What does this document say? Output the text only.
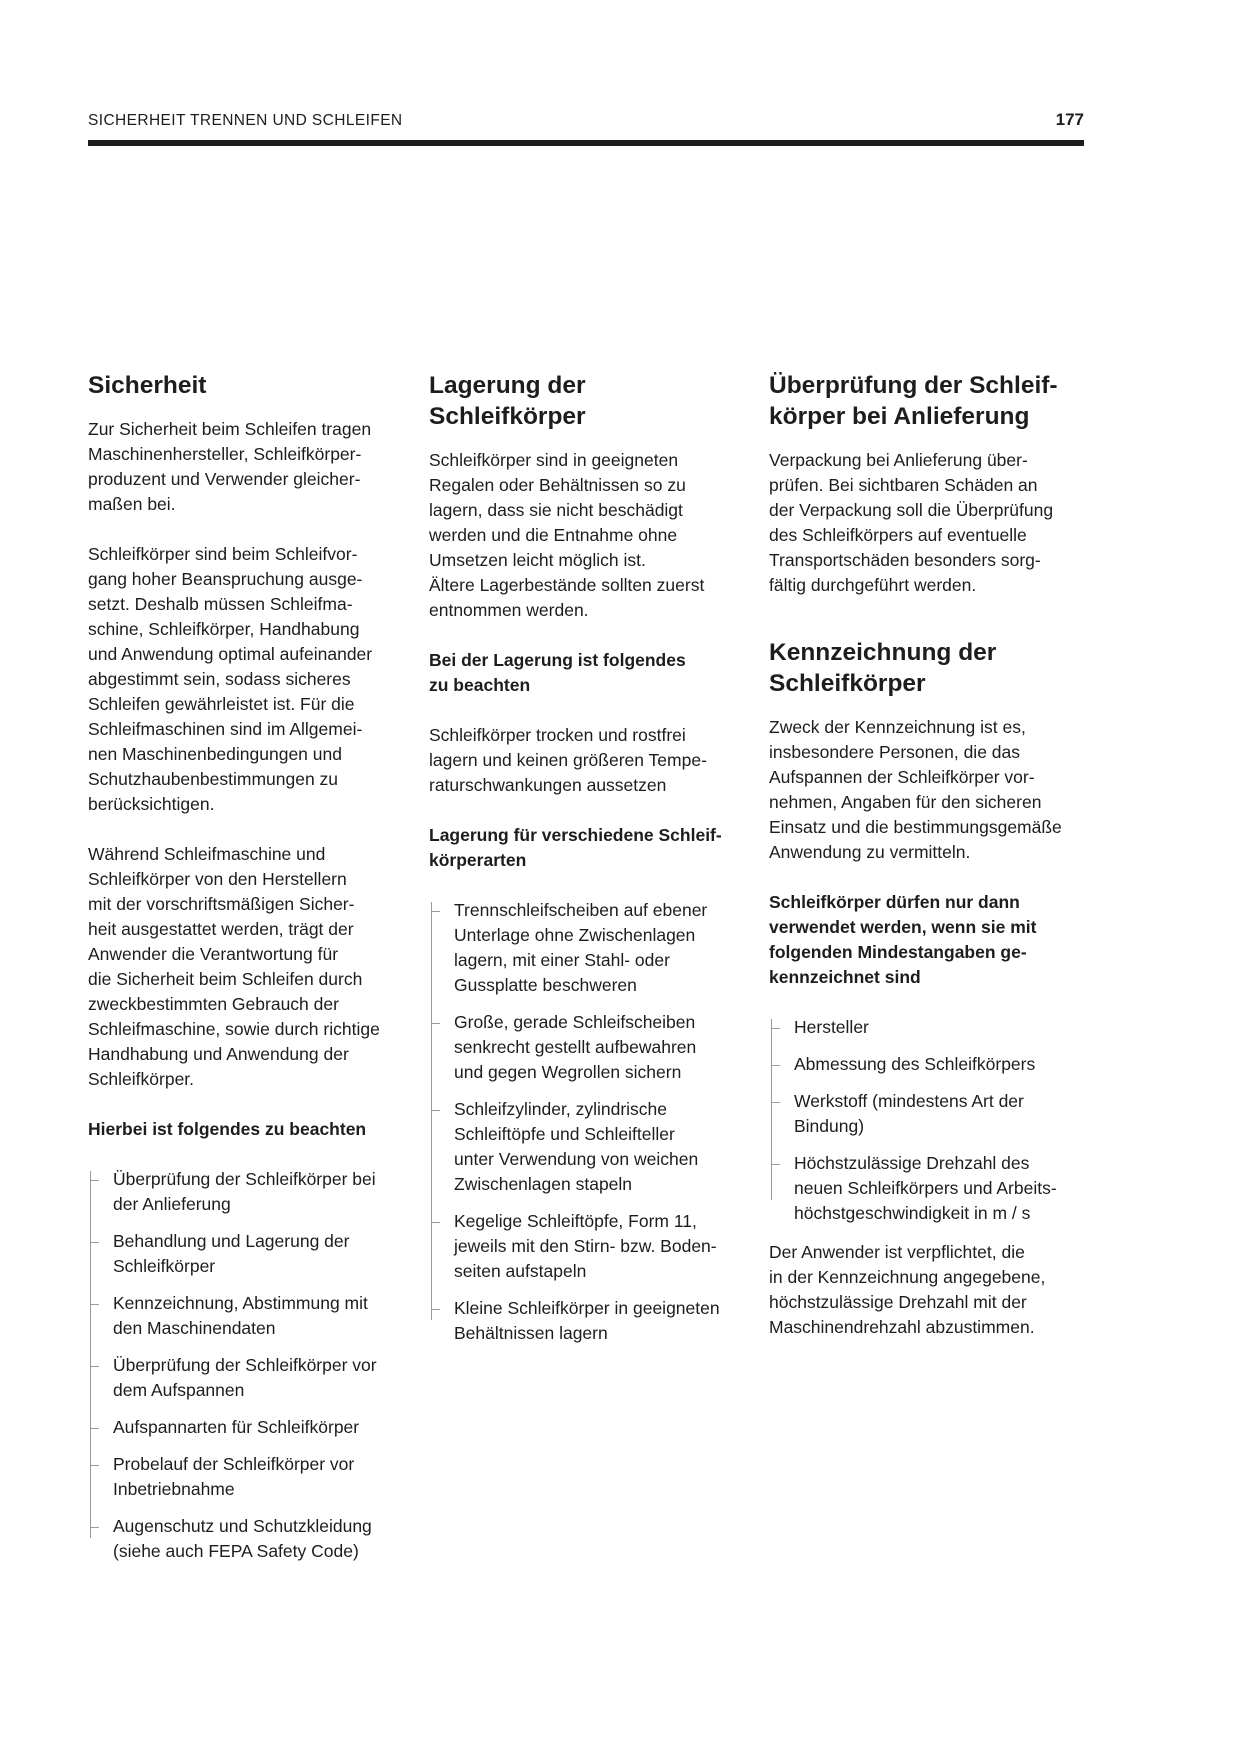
SICHERHEIT TRENNEN UND SCHLEIFEN	177
Sicherheit

Zur Sicherheit beim Schleifen tragen
Maschinenhersteller, Schleifkörper-
produzent und Verwender gleicher-
maßen bei.

Schleifkörper sind beim Schleifvor-
gang hoher Beanspruchung ausge-
setzt. Deshalb müssen Schleifma-
schine, Schleifkörper, Handhabung
und Anwendung optimal aufeinander
abgestimmt sein, sodass sicheres
Schleifen gewährleistet ist. Für die
Schleifmaschinen sind im Allgemei-
nen Maschinenbedingungen und
Schutzhaubenbestimmungen zu
berücksichtigen.

Während Schleifmaschine und
Schleifkörper von den Herstellern
mit der vorschriftsmäßigen Sicher-
heit ausgestattet werden, trägt der
Anwender die Verantwortung für
die Sicherheit beim Schleifen durch
zweckbestimmten Gebrauch der
Schleifmaschine, sowie durch richtige
Handhabung und Anwendung der
Schleifkörper.

Hierbei ist folgendes zu beachten

Überprüfung der Schleifkörper bei
der Anlieferung
Behandlung und Lagerung der
Schleifkörper
Kennzeichnung, Abstimmung mit
den Maschinendaten
Überprüfung der Schleifkörper vor
dem Aufspannen
Aufspannarten für Schleifkörper
Probelauf der Schleifkörper vor
Inbetriebnahme
Augenschutz und Schutzkleidung
(siehe auch FEPA Safety Code)
Lagerung der
Schleifkörper

Schleifkörper sind in geeigneten
Regalen oder Behältnissen so zu
lagern, dass sie nicht beschädigt
werden und die Entnahme ohne
Umsetzen leicht möglich ist.
Ältere Lagerbestände sollten zuerst
entnommen werden.

Bei der Lagerung ist folgendes
zu beachten

Schleifkörper trocken und rostfrei
lagern und keinen größeren Tempe-
raturschwankungen aussetzen

Lagerung für verschiedene Schleif-
körperarten

Trennschleifscheiben auf ebener
Unterlage ohne Zwischenlagen
lagern, mit einer Stahl- oder
Gussplatte beschweren
Große, gerade Schleifscheiben
senkrecht gestellt aufbewahren
und gegen Wegrollen sichern
Schleifzylinder, zylindrische
Schleiftöpfe und Schleifteller
unter Verwendung von weichen
Zwischenlagen stapeln
Kegelige Schleiftöpfe, Form 11,
jeweils mit den Stirn- bzw. Boden-
seiten aufstapeln
Kleine Schleifkörper in geeigneten
Behältnissen lagern
Überprüfung der Schleif-
körper bei Anlieferung

Verpackung bei Anlieferung über-
prüfen. Bei sichtbaren Schäden an
der Verpackung soll die Überprüfung
des Schleifkörpers auf eventuelle
Transportschäden besonders sorg-
fältig durchgeführt werden.

Kennzeichnung der
Schleifkörper

Zweck der Kennzeichnung ist es,
insbesondere Personen, die das
Aufspannen der Schleifkörper vor-
nehmen, Angaben für den sicheren
Einsatz und die bestimmungsgemäße
Anwendung zu vermitteln.

Schleifkörper dürfen nur dann
verwendet werden, wenn sie mit
folgenden Mindestangaben ge-
kennzeichnet sind

Hersteller
Abmessung des Schleifkörpers
Werkstoff (mindestens Art der
Bindung)
Höchstzulässige Drehzahl des
neuen Schleifkörpers und Arbeits-
höchstgeschwindigkeit in m / s

Der Anwender ist verpflichtet, die
in der Kennzeichnung angegebene,
höchstzulässige Drehzahl mit der
Maschinendrehzahl abzustimmen.
